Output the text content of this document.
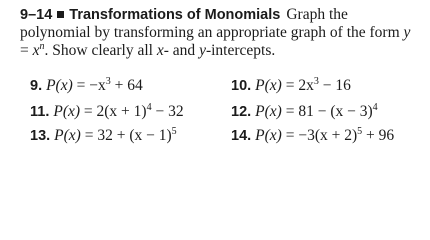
9–14 Transformations of Monomials Graph the polynomial by transforming an appropriate graph of the form $y = x^n$. Show clearly all x- and y-intercepts.
9. $P(x) = -x^3 + 64$	10. $P(x) = 2x^3 - 16$
11. $P(x) = 2(x + 1)^4 - 32$	12. $P(x) = 81 - (x - 3)^4$
13. $P(x) = 32 + (x - 1)^5$	14. $P(x) = -3(x + 2)^5 + 96$
